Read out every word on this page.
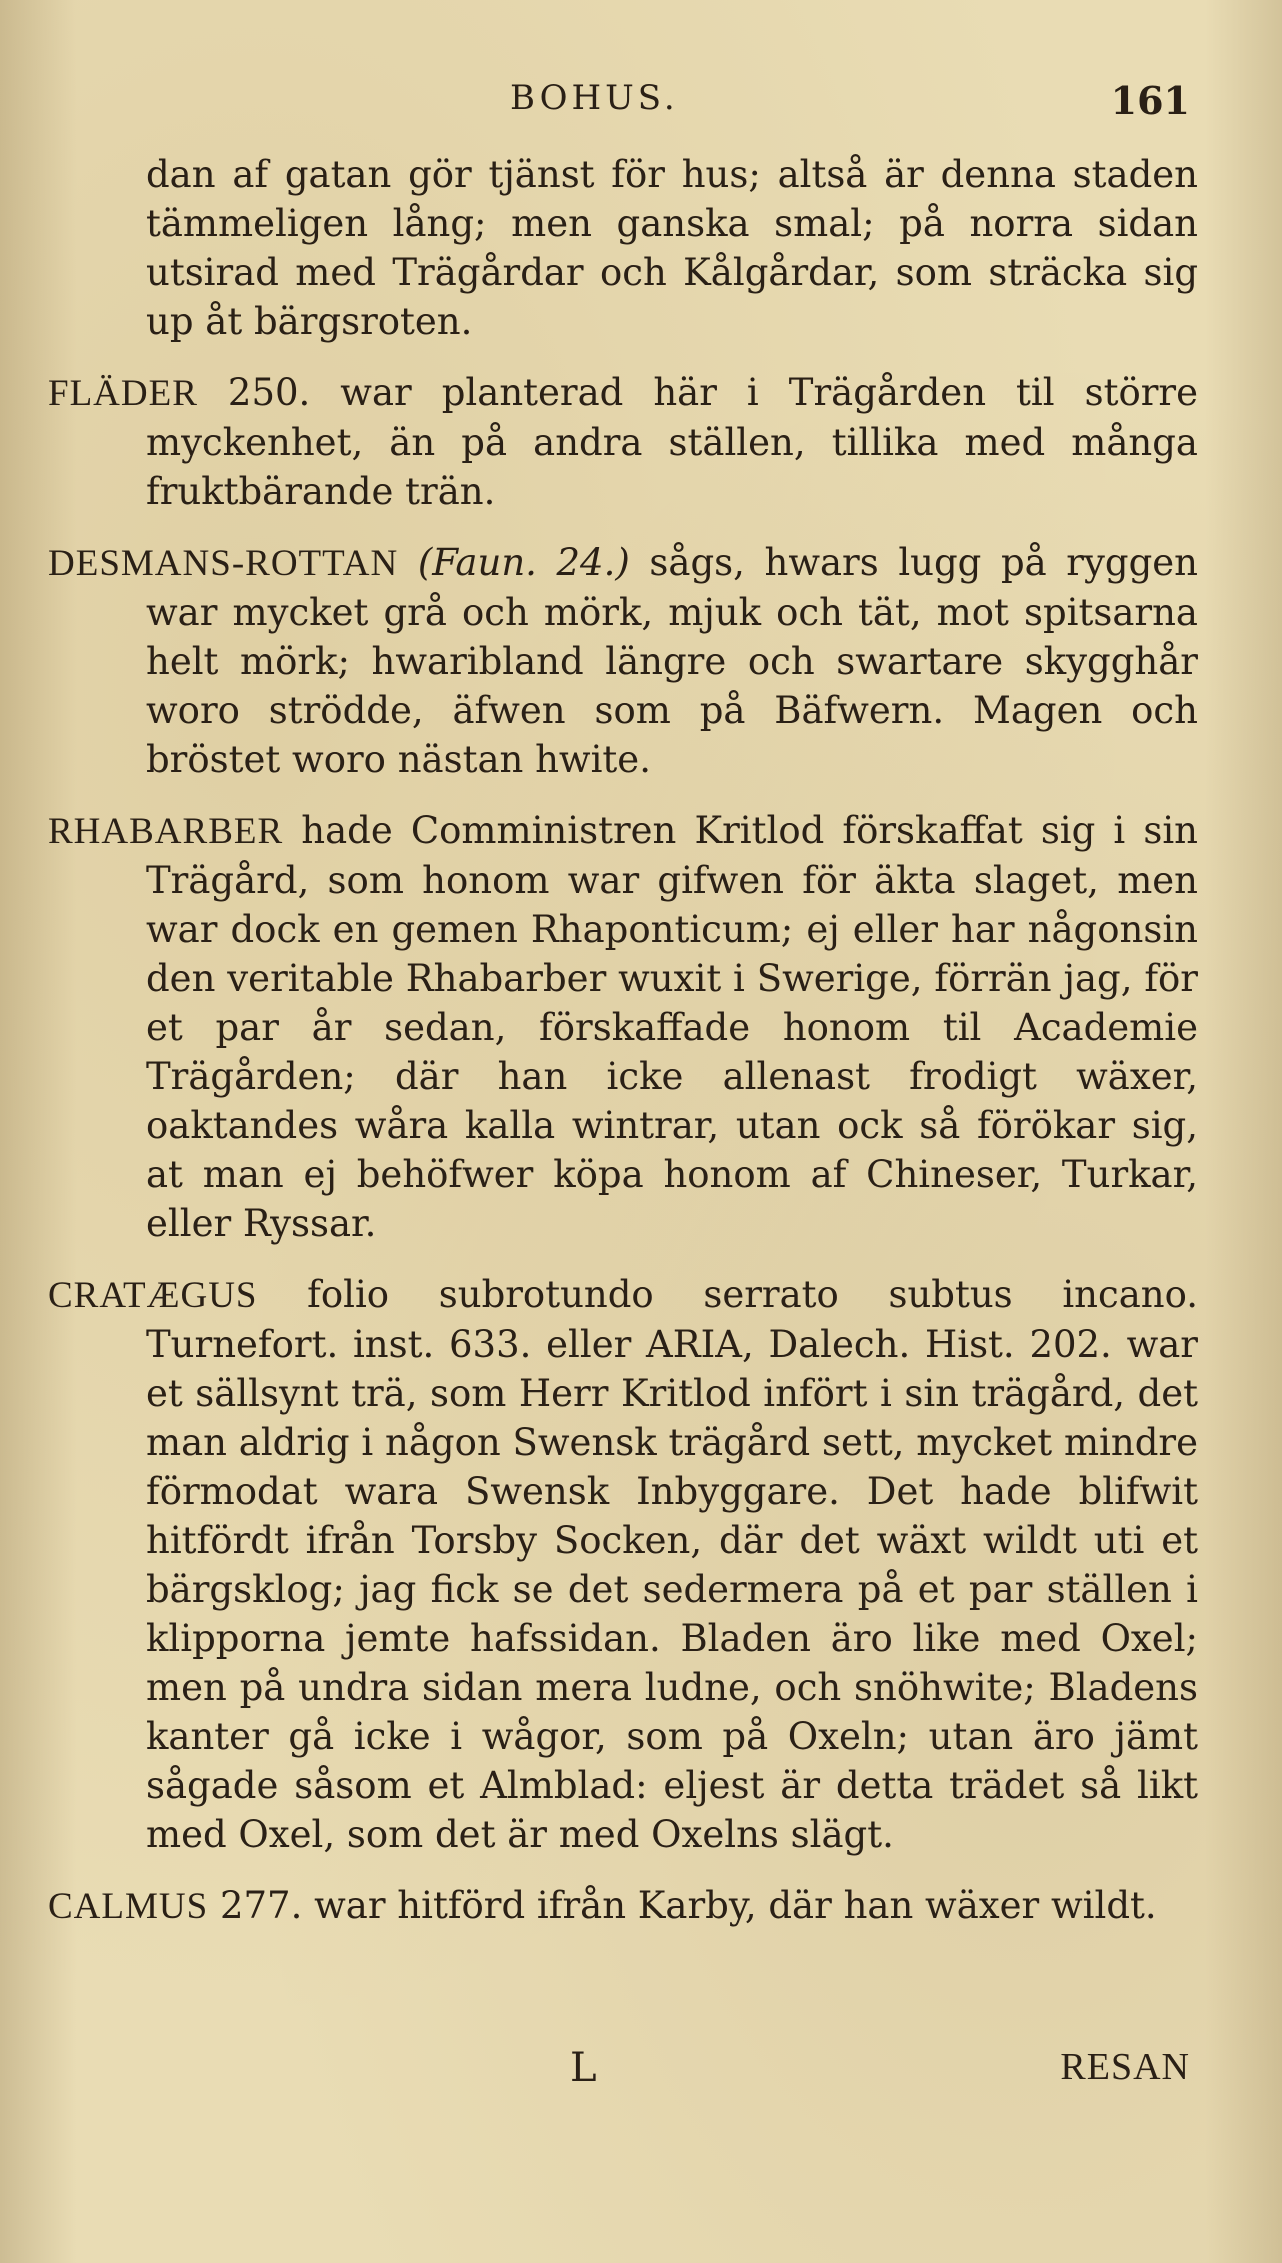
BOHUS.	161

dan af gatan gör tjänst för hus; altså är denna staden tämmeligen lång; men ganska smal; på norra sidan utsirad med Trägårdar och Kålgårdar, som sträcka sig up åt bärgsroten.

FLÄDER 250. war planterad här i Trägården til större myckenhet, än på andra ställen, tillika med många fruktbärande trän.

DESMANS-ROTTAN (Faun. 24.) sågs, hwars lugg på ryggen war mycket grå och mörk, mjuk och tät, mot spitsarna helt mörk; hwaribland längre och swartare skygghår woro strödde, äfwen som på Bäfwern. Magen och bröstet woro nästan hwite.

RHABARBER hade Comministren Kritlod förskaffat sig i sin Trägård, som honom war gifwen för äkta slaget, men war dock en gemen Rhaponticum; ej eller har någonsin den veritable Rhabarber wuxit i Swerige, förrän jag, för et par år sedan, förskaffade honom til Academie Trägården; där han icke allenast frodigt wäxer, oaktandes wåra kalla wintrar, utan ock så förökar sig, at man ej behöfwer köpa honom af Chineser, Turkar, eller Ryssar.

CRATÆGUS folio subrotundo serrato subtus incano. Turnefort. inst. 633. eller ARIA, Dalech. Hist. 202. war et sällsynt trä, som Herr Kritlod infört i sin trägård, det man aldrig i någon Swensk trägård sett, mycket mindre förmodat wara Swensk Inbyggare. Det hade blifwit hitfördt ifrån Torsby Socken, där det wäxt wildt uti et bärgsklog; jag fick se det sedermera på et par ställen i klipporna jemte hafssidan. Bladen äro like med Oxel; men på undra sidan mera ludne, och snöhwite; Bladens kanter gå icke i wågor, som på Oxeln; utan äro jämt sågade såsom et Almblad: eljest är detta trädet så likt med Oxel, som det är med Oxelns slägt.

CALMUS 277. war hitförd ifrån Karby, där han wäxer wildt.

L	RESAN
